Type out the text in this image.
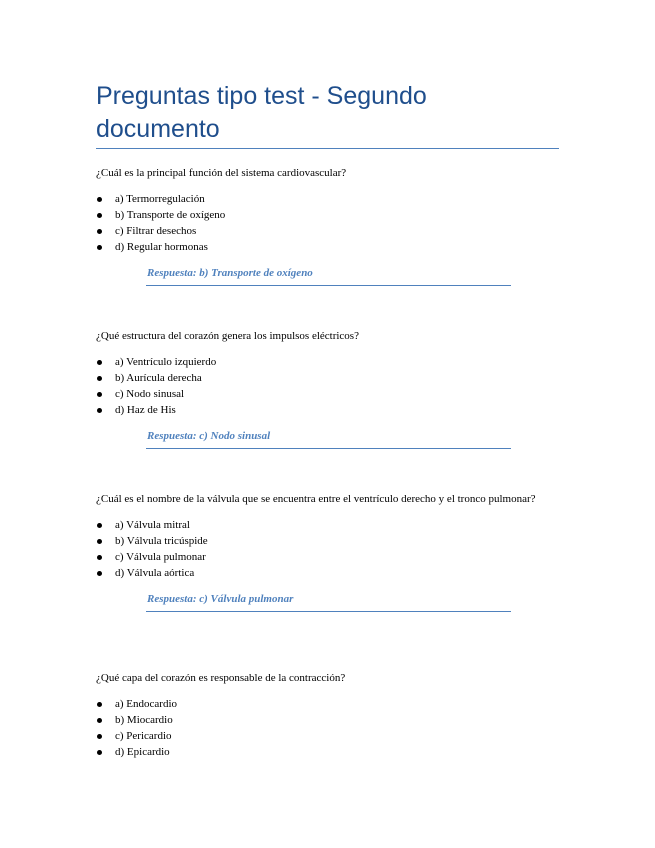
Preguntas tipo test - Segundo documento

¿Cuál es la principal función del sistema cardiovascular?

a) Termorregulación
b) Transporte de oxígeno
c) Filtrar desechos
d) Regular hormonas
Respuesta: b) Transporte de oxígeno

¿Qué estructura del corazón genera los impulsos eléctricos?

a) Ventrículo izquierdo
b) Aurícula derecha
c) Nodo sinusal
d) Haz de His
Respuesta: c) Nodo sinusal

¿Cuál es el nombre de la válvula que se encuentra entre el ventrículo derecho y el tronco pulmonar?

a) Válvula mitral
b) Válvula tricúspide
c) Válvula pulmonar
d) Válvula aórtica
Respuesta: c) Válvula pulmonar

¿Qué capa del corazón es responsable de la contracción?

a) Endocardio
b) Miocardio
c) Pericardio
d) Epicardio
